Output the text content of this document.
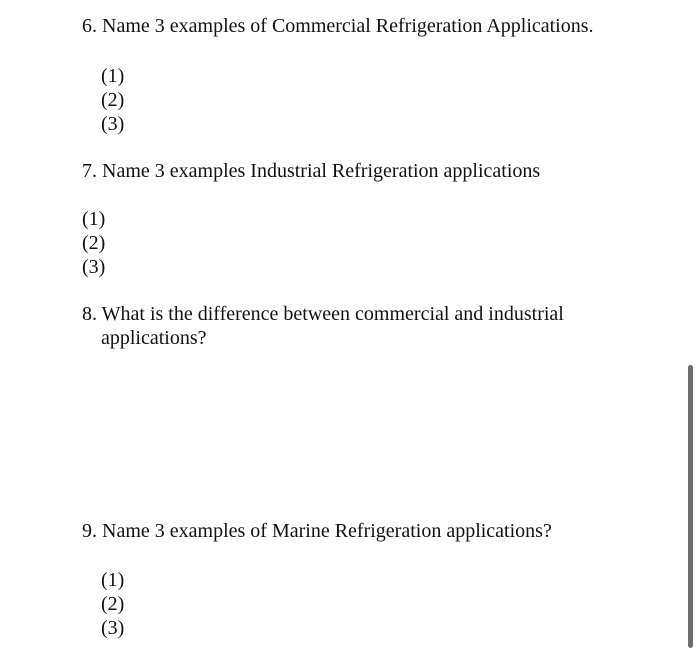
6. Name 3 examples of Commercial Refrigeration Applications.
(1)
(2)
(3)
7. Name 3 examples Industrial Refrigeration applications
(1)
(2)
(3)
8. What is the difference between commercial and industrial
applications?
9. Name 3 examples of Marine Refrigeration applications?
(1)
(2)
(3)
